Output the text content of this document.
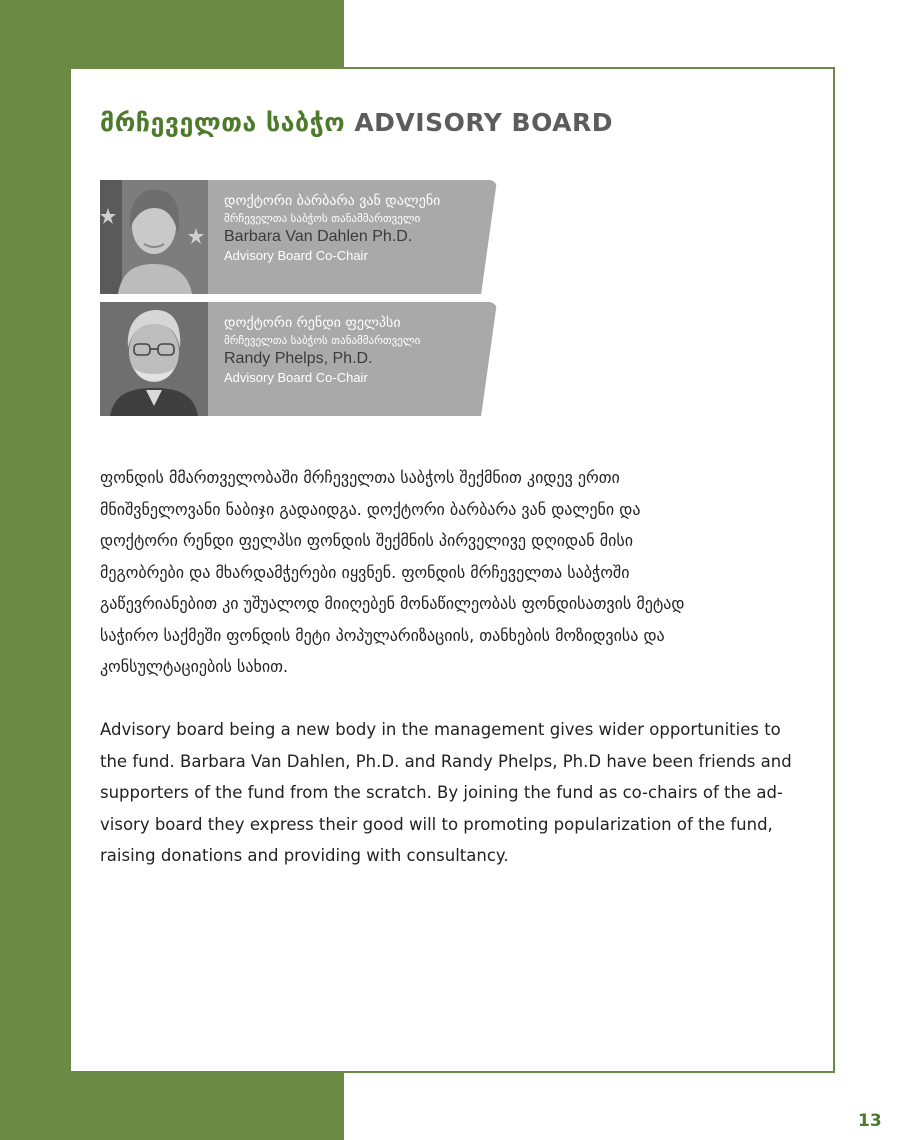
მრჩეველთა საბჭო ADVISORY BOARD
დოქტორი ბარბარა ვან დალენი
მრჩეველთა საბჭოს თანამმართველი
Barbara Van Dahlen Ph.D.
Advisory Board Co-Chair
დოქტორი რენდი ფელპსი
მრჩეველთა საბჭოს თანამმართველი
Randy Phelps, Ph.D.
Advisory Board Co-Chair
ფონდის მმართველობაში მრჩეველთა საბჭოს შექმნით კიდევ ერთი
მნიშვნელოვანი ნაბიჯი გადაიდგა. დოქტორი ბარბარა ვან დალენი და
დოქტორი რენდი ფელპსი ფონდის შექმნის პირველივე დღიდან მისი
მეგობრები და მხარდამჭერები იყვნენ. ფონდის მრჩეველთა საბჭოში
გაწევრიანებით კი უშუალოდ მიიღებენ მონაწილეობას ფონდისათვის მეტად
საჭირო საქმეში ფონდის მეტი პოპულარიზაციის, თანხების მოზიდვისა და
კონსულტაციების სახით.
Advisory board being a new body in the management gives wider opportunities to
the fund. Barbara Van Dahlen, Ph.D. and Randy Phelps, Ph.D have been friends and
supporters of the fund from the scratch. By joining the fund as co-chairs of the ad-
visory board they express their good will to promoting popularization of the fund,
raising donations and providing with consultancy.
13
